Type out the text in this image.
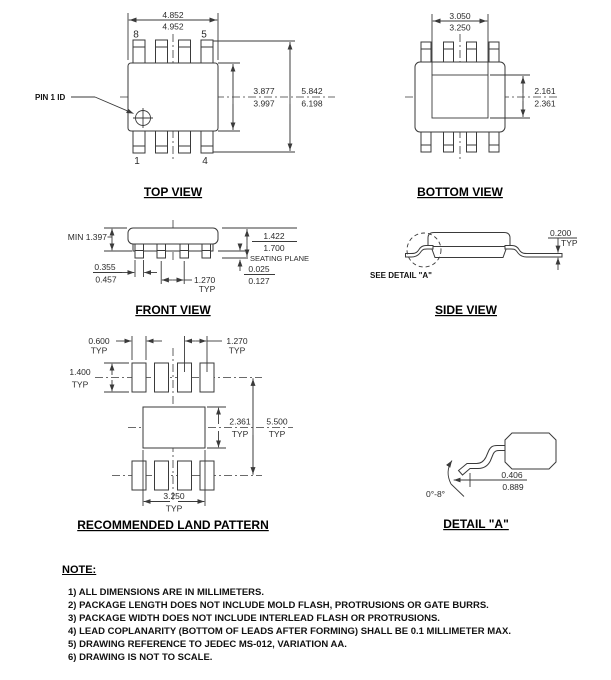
PIN 1 ID
8	5
1	4
4.852
4.952
3.877
3.997
5.842
6.198
TOP VIEW
3.050
3.250
2.161
2.361
BOTTOM VIEW
SEATING PLANE
MIN 1.397	1.422
1.700
0.025
0.127
0.355
0.457	1.270
TYP
FRONT VIEW
SEE DETAIL "A"
0.200
TYP
SIDE VIEW
0.600
TYP
1.270
TYP
1.400
TYP
2.361
TYP
5.500
TYP
3.250
TYP
RECOMMENDED LAND PATTERN
0°-8°
0.406
0.889
DETAIL "A"

NOTE:

1) ALL DIMENSIONS ARE IN MILLIMETERS.

2) PACKAGE LENGTH DOES NOT INCLUDE MOLD FLASH, PROTRUSIONS OR GATE BURRS.

3) PACKAGE WIDTH DOES NOT INCLUDE INTERLEAD FLASH OR PROTRUSIONS.

4) LEAD COPLANARITY (BOTTOM OF LEADS AFTER FORMING) SHALL BE 0.1 MILLIMETER MAX.

5) DRAWING REFERENCE TO JEDEC MS-012, VARIATION AA.

6) DRAWING IS NOT TO SCALE.
